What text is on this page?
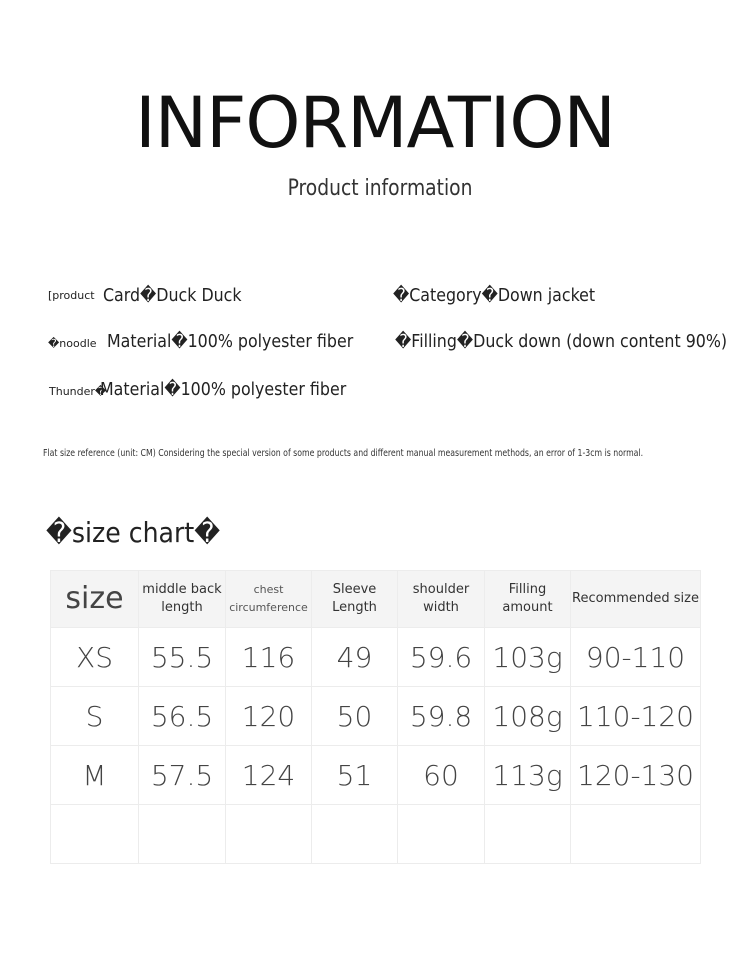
INFORMATION
Product information
[product Card�Duck Duck
�noodle Material�100% polyester fiber
Thunder�
Material�100% polyester fiber
�Category�Down jacket
�Filling�Duck down (down content 90%)
Flat size reference (unit: CM) Considering the special version of some products and different manual measurement methods, an error of 1-3cm is normal.
�size chart�
size	middle back length	chest circumference	Sleeve Length	shoulder width	Filling amount	Recommended size
XS	55.5	116	49	59.6	103g	90-110
S	56.5	120	50	59.8	108g	110-120
M	57.5	124	51	60	113g	120-130
